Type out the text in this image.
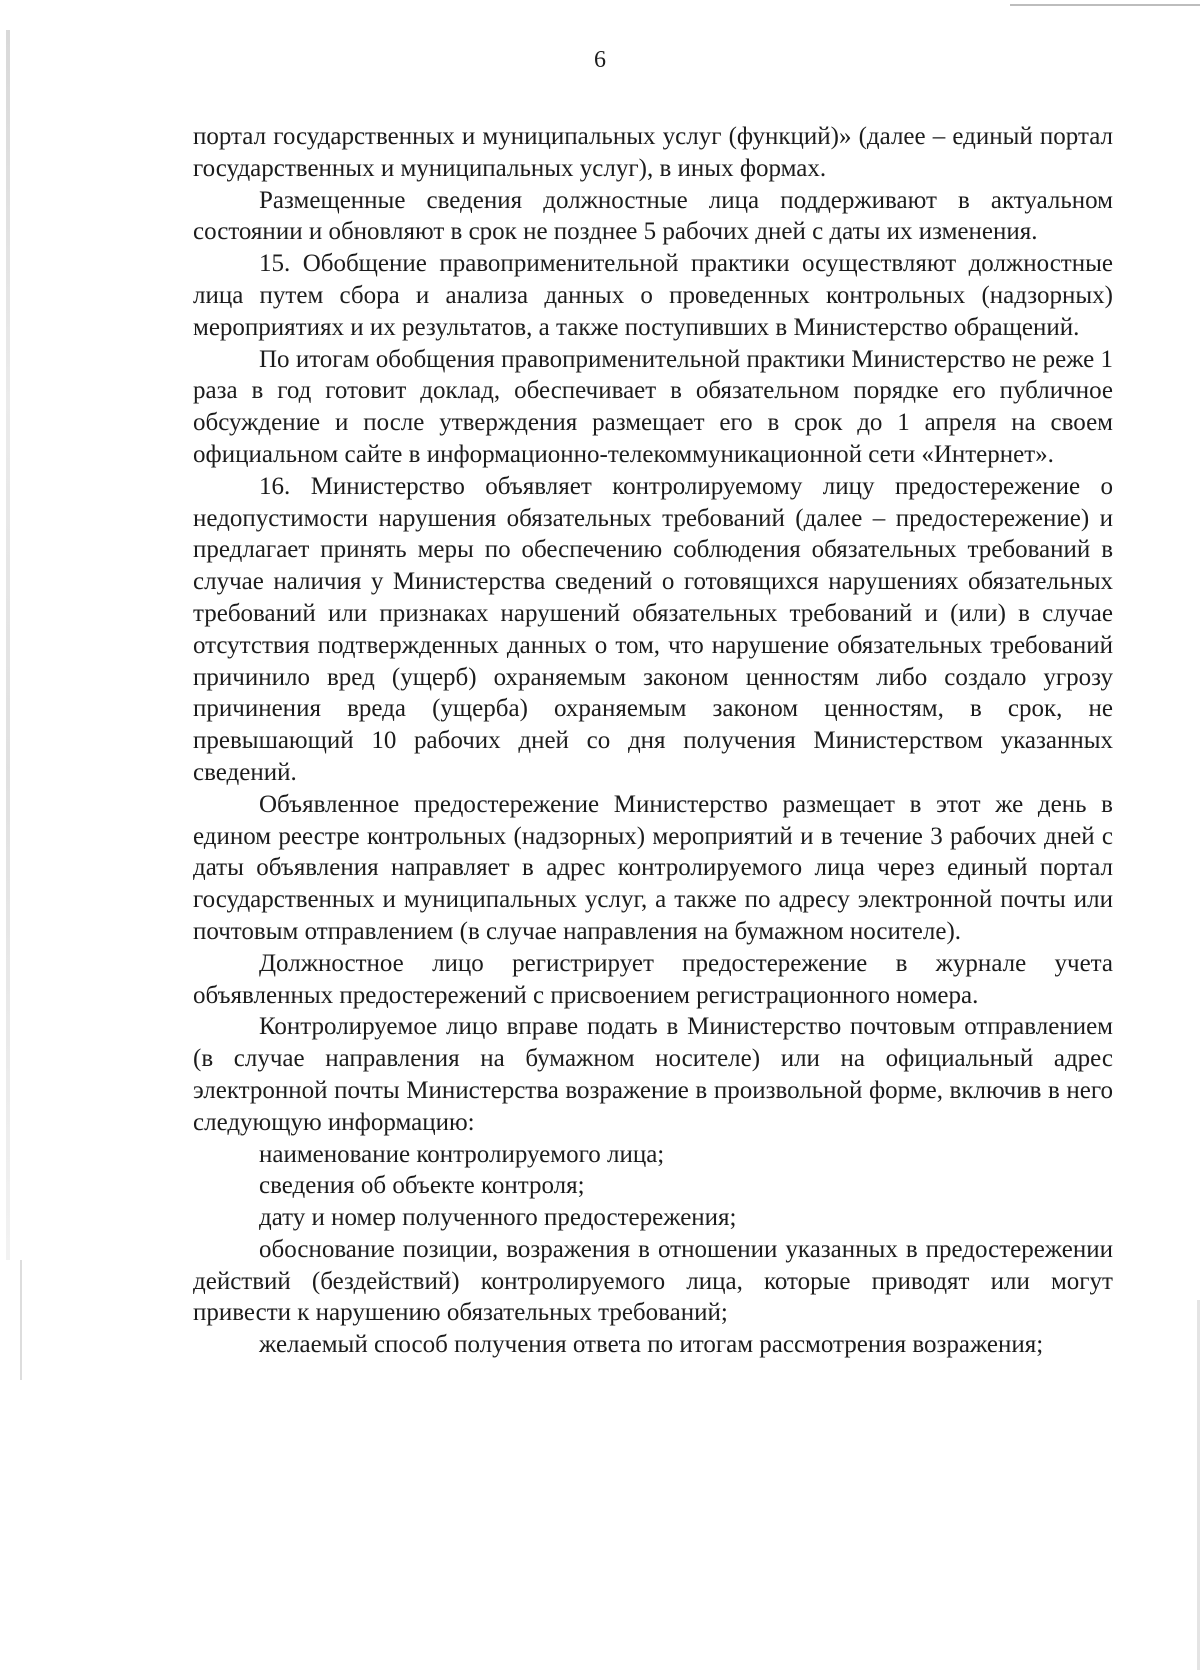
6

портал государственных и муниципальных услуг (функций)» (далее – единый портал государственных и муниципальных услуг), в иных формах.

Размещенные сведения должностные лица поддерживают в актуальном состоянии и обновляют в срок не позднее 5 рабочих дней с даты их изменения.

15. Обобщение правоприменительной практики осуществляют должностные лица путем сбора и анализа данных о проведенных контрольных (надзорных) мероприятиях и их результатов, а также поступивших в Министерство обращений.

По итогам обобщения правоприменительной практики Министерство не реже 1 раза в год готовит доклад, обеспечивает в обязательном порядке его публичное обсуждение и после утверждения размещает его в срок до 1 апреля на своем официальном сайте в информационно-телекоммуникационной сети «Интернет».

16. Министерство объявляет контролируемому лицу предостережение о недопустимости нарушения обязательных требований (далее – предостережение) и предлагает принять меры по обеспечению соблюдения обязательных требований в случае наличия у Министерства сведений о готовящихся нарушениях обязательных требований или признаках нарушений обязательных требований и (или) в случае отсутствия подтвержденных данных о том, что нарушение обязательных требований причинило вред (ущерб) охраняемым законом ценностям либо создало угрозу причинения вреда (ущерба) охраняемым законом ценностям, в срок, не превышающий 10 рабочих дней со дня получения Министерством указанных сведений.

Объявленное предостережение Министерство размещает в этот же день в едином реестре контрольных (надзорных) мероприятий и в течение 3 рабочих дней с даты объявления направляет в адрес контролируемого лица через единый портал государственных и муниципальных услуг, а также по адресу электронной почты или почтовым отправлением (в случае направления на бумажном носителе).

Должностное лицо регистрирует предостережение в журнале учета объявленных предостережений с присвоением регистрационного номера.

Контролируемое лицо вправе подать в Министерство почтовым отправлением (в случае направления на бумажном носителе) или на официальный адрес электронной почты Министерства возражение в произвольной форме, включив в него следующую информацию:

наименование контролируемого лица;

сведения об объекте контроля;

дату и номер полученного предостережения;

обоснование позиции, возражения в отношении указанных в предостережении действий (бездействий) контролируемого лица, которые приводят или могут привести к нарушению обязательных требований;

желаемый способ получения ответа по итогам рассмотрения возражения;
